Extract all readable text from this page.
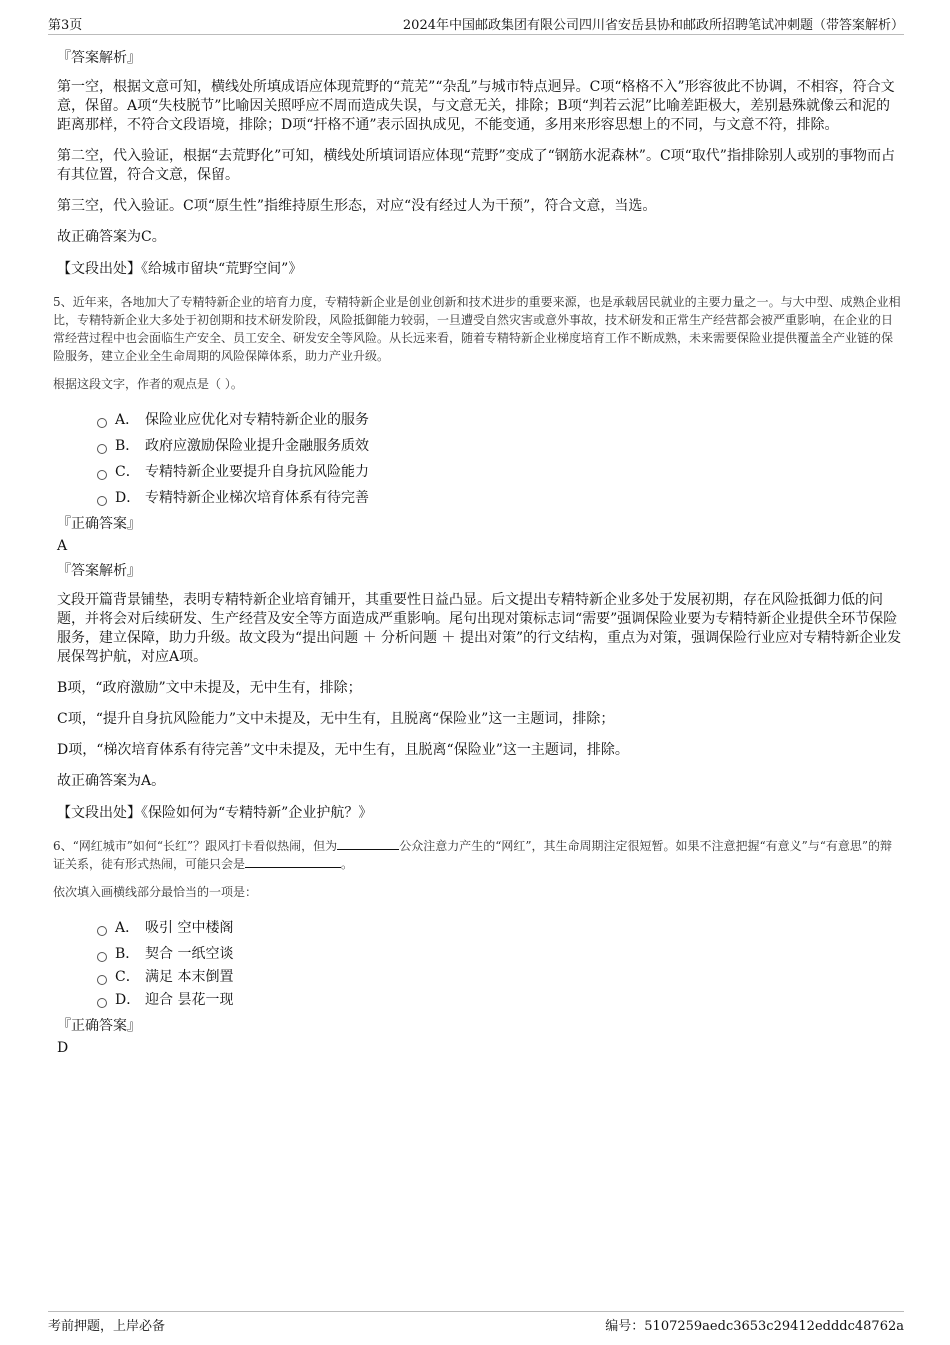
第3页	2024年中国邮政集团有限公司四川省安岳县协和邮政所招聘笔试冲刺题（带答案解析）
『答案解析』
第一空，根据文意可知，横线处所填成语应体现荒野的“荒芜”“杂乱”与城市特点迥异。C项“格格不入”形容彼此不协调，不相容，符合文意，保留。A项“失枝脱节”比喻因关照呼应不周而造成失误，与文意无关，排除；B项“判若云泥”比喻差距极大，差别悬殊就像云和泥的距离那样，不符合文段语境，排除；D项“扞格不通”表示固执成见，不能变通，多用来形容思想上的不同，与文意不符，排除。
第二空，代入验证，根据“去荒野化”可知，横线处所填词语应体现“荒野”变成了“钢筋水泥森林”。C项“取代”指排除别人或别的事物而占有其位置，符合文意，保留。
第三空，代入验证。C项“原生性”指维持原生形态，对应“没有经过人为干预”，符合文意，当选。
故正确答案为C。
【文段出处】《给城市留块“荒野空间”》
5、近年来，各地加大了专精特新企业的培育力度，专精特新企业是创业创新和技术进步的重要来源，也是承载居民就业的主要力量之一。与大中型、成熟企业相比，专精特新企业大多处于初创期和技术研发阶段，风险抵御能力较弱，一旦遭受自然灾害或意外事故，技术研发和正常生产经营都会被严重影响，在企业的日常经营过程中也会面临生产安全、员工安全、研发安全等风险。从长远来看，随着专精特新企业梯度培育工作不断成熟，未来需要保险业提供覆盖全产业链的保险服务，建立企业全生命周期的风险保障体系，助力产业升级。
根据这段文字，作者的观点是（ ）。
A． 保险业应优化对专精特新企业的服务
B． 政府应激励保险业提升金融服务质效
C． 专精特新企业要提升自身抗风险能力
D． 专精特新企业梯次培育体系有待完善
『正确答案』
A
『答案解析』
文段开篇背景铺垫，表明专精特新企业培育铺开，其重要性日益凸显。后文提出专精特新企业多处于发展初期，存在风险抵御力低的问题，并将会对后续研发、生产经营及安全等方面造成严重影响。尾句出现对策标志词“需要”强调保险业要为专精特新企业提供全环节保险服务，建立保障，助力升级。故文段为“提出问题 ＋ 分析问题 ＋ 提出对策”的行文结构，重点为对策，强调保险行业应对专精特新企业发展保驾护航，对应A项。
B项，“政府激励”文中未提及，无中生有，排除；
C项，“提升自身抗风险能力”文中未提及，无中生有，且脱离“保险业”这一主题词，排除；
D项，“梯次培育体系有待完善”文中未提及，无中生有，且脱离“保险业”这一主题词，排除。
故正确答案为A。
【文段出处】《保险如何为“专精特新”企业护航？》
6、“网红城市”如何“长红”？跟风打卡看似热闹，但为	公众注意力产生的“网红”，其生命周期注定很短暂。如果不注意把握“有意义”与“有意思”的辩证关系，徒有形式热闹，可能只会是	。
依次填入画横线部分最恰当的一项是：
A． 吸引 空中楼阁
B． 契合 一纸空谈
C． 满足 本末倒置
D． 迎合 昙花一现
『正确答案』
D
考前押题，上岸必备	编号：5107259aedc3653c29412edddc48762a
